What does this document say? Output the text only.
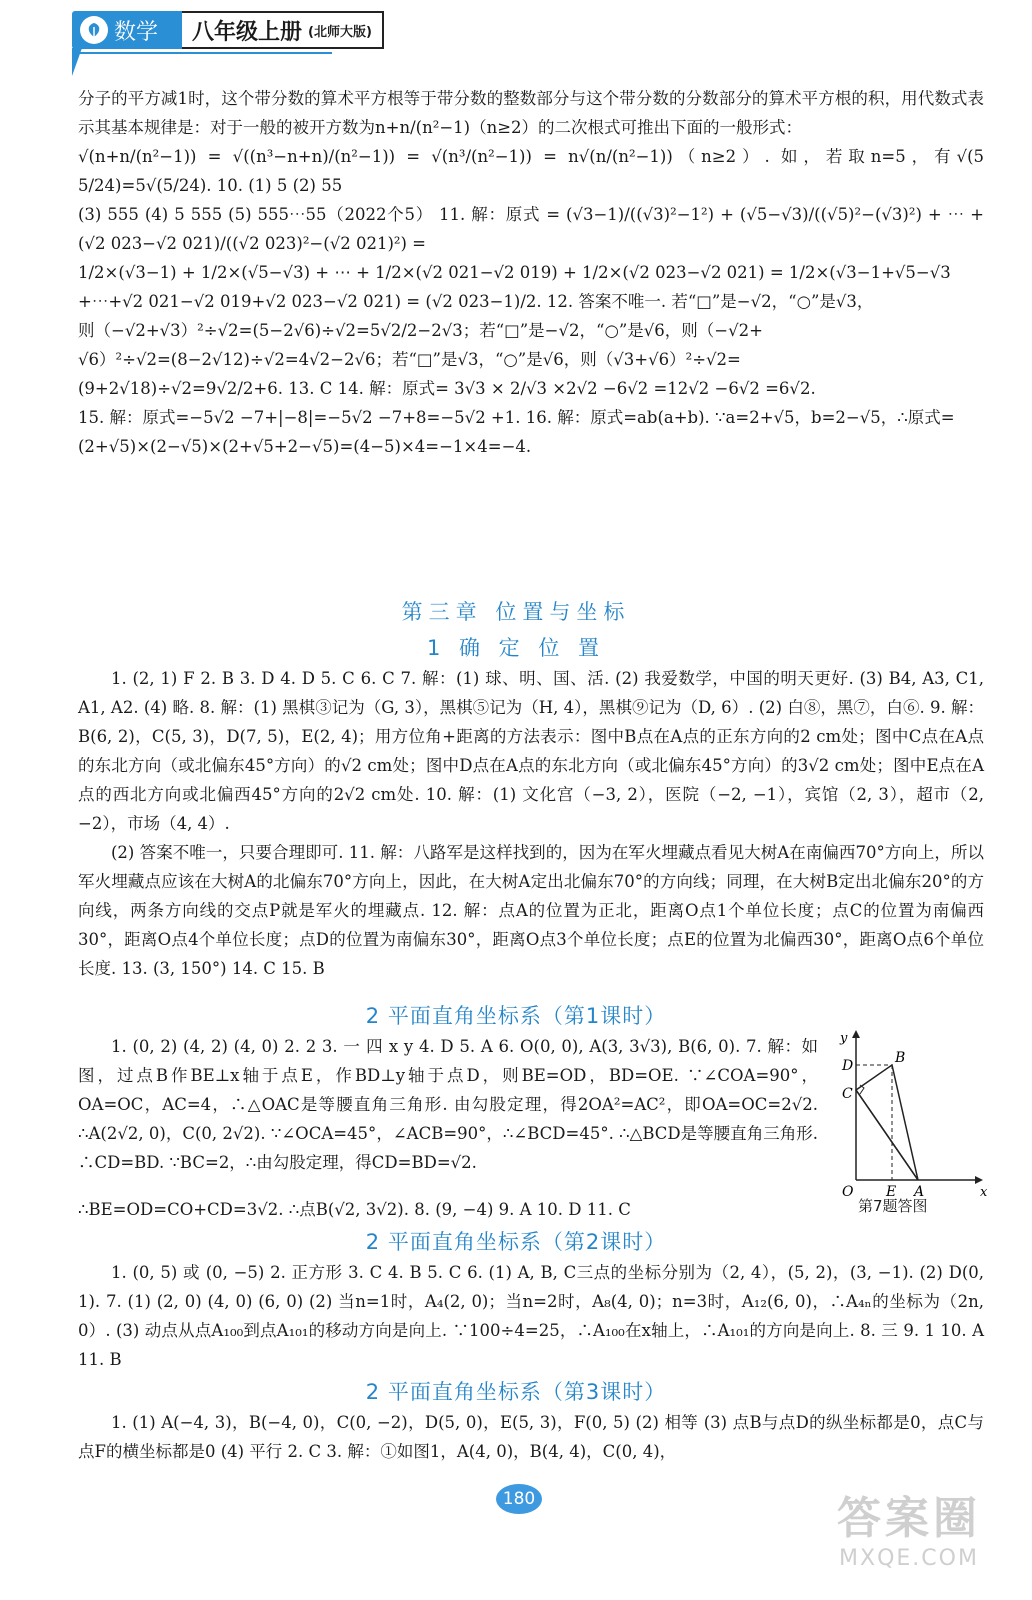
数学 八年级上册 (北师大版)

分子的平方减1时，这个带分数的算术平方根等于带分数的整数部分与这个带分数的分数部分的算术平方根的积，用代数式表示其基本规律是：对于一般的被开方数为n+n/(n²−1)（n≥2）的二次根式可推出下面的一般形式：

√(n+n/(n²−1)) = √((n³−n+n)/(n²−1)) = √(n³/(n²−1)) = n√(n/(n²−1))（n≥2）. 如，若取n=5，有√(5 5/24)=5√(5/24). 10. (1) 5 (2) 55

(3) 555 (4) 5 555 (5) 555⋯55（2022个5） 11. 解：原式 = (√3−1)/((√3)²−1²) + (√5−√3)/((√5)²−(√3)²) + ⋯ + (√2 023−√2 021)/((√2 023)²−(√2 021)²) =

1/2×(√3−1) + 1/2×(√5−√3) + ⋯ + 1/2×(√2 021−√2 019) + 1/2×(√2 023−√2 021) = 1/2×(√3−1+√5−√3

+⋯+√2 021−√2 019+√2 023−√2 021) = (√2 023−1)/2. 12. 答案不唯一. 若“□”是−√2，“○”是√3，

则（−√2+√3）²÷√2=(5−2√6)÷√2=5√2/2−2√3；若“□”是−√2，“○”是√6，则（−√2+

√6）²÷√2=(8−2√12)÷√2=4√2−2√6；若“□”是√3，“○”是√6，则（√3+√6）²÷√2=

(9+2√18)÷√2=9√2/2+6. 13. C 14. 解：原式= 3√3 × 2/√3 ×2√2 −6√2 =12√2 −6√2 =6√2.

15. 解：原式=−5√2 −7+|−8|=−5√2 −7+8=−5√2 +1. 16. 解：原式=ab(a+b). ∵a=2+√5，b=2−√5，∴原式=

(2+√5)×(2−√5)×(2+√5+2−√5)=(4−5)×4=−1×4=−4.

第三章 位置与坐标
1 确 定 位 置

1. (2, 1) F 2. B 3. D 4. D 5. C 6. C 7. 解：(1) 球、明、国、活. (2) 我爱数学，中国的明天更好. (3) B4, A3, C1, A1, A2. (4) 略. 8. 解：(1) 黑棋③记为（G, 3），黑棋⑤记为（H, 4），黑棋⑨记为（D, 6）. (2) 白⑧，黑⑦，白⑥. 9. 解：B(6, 2)，C(5, 3)，D(7, 5)，E(2, 4)；用方位角+距离的方法表示：图中B点在A点的正东方向的2 cm处；图中C点在A点的东北方向（或北偏东45°方向）的√2 cm处；图中D点在A点的东北方向（或北偏东45°方向）的3√2 cm处；图中E点在A点的西北方向或北偏西45°方向的2√2 cm处. 10. 解：(1) 文化宫（−3, 2），医院（−2, −1），宾馆（2, 3），超市（2, −2），市场（4, 4）.

(2) 答案不唯一，只要合理即可. 11. 解：八路军是这样找到的，因为在军火埋藏点看见大树A在南偏西70°方向上，所以军火埋藏点应该在大树A的北偏东70°方向上，因此，在大树A定出北偏东70°的方向线；同理，在大树B定出北偏东20°的方向线，两条方向线的交点P就是军火的埋藏点. 12. 解：点A的位置为正北，距离O点1个单位长度；点C的位置为南偏西30°，距离O点4个单位长度；点D的位置为南偏东30°，距离O点3个单位长度；点E的位置为北偏西30°，距离O点6个单位长度. 13. (3, 150°) 14. C 15. B

2 平面直角坐标系（第1课时）

1. (0, 2) (4, 2) (4, 0) 2. 2 3. 一 四 x y 4. D 5. A 6. O(0, 0), A(3, 3√3), B(6, 0). 7. 解：如图，过点B作BE⊥x轴于点E，作BD⊥y轴于点D，则BE=OD，BD=OE. ∵∠COA=90°，OA=OC，AC=4，∴△OAC是等腰直角三角形. 由勾股定理，得2OA²=AC²，即OA=OC=2√2. ∴A(2√2, 0)，C(0, 2√2). ∵∠OCA=45°，∠ACB=90°，∴∠BCD=45°. ∴△BCD是等腰直角三角形. ∴CD=BD. ∵BC=2，∴由勾股定理，得CD=BD=√2.

∴BE=OD=CO+CD=3√2. ∴点B(√2, 3√2). 8. (9, −4) 9. A 10. D 11. C

y
x
D	B
C
O E A
第7题答图
2 平面直角坐标系（第2课时）

1. (0, 5) 或 (0, −5) 2. 正方形 3. C 4. B 5. C 6. (1) A, B, C三点的坐标分别为（2, 4），(5, 2)，(3, −1). (2) D(0, 1). 7. (1) (2, 0) (4, 0) (6, 0) (2) 当n=1时，A₄(2, 0)；当n=2时，A₈(4, 0)；n=3时，A₁₂(6, 0)，∴A₄ₙ的坐标为（2n, 0）. (3) 动点从点A₁₀₀到点A₁₀₁的移动方向是向上. ∵100÷4=25，∴A₁₀₀在x轴上，∴A₁₀₁的方向是向上. 8. 三 9. 1 10. A 11. B

2 平面直角坐标系（第3课时）

1. (1) A(−4, 3)，B(−4, 0)，C(0, −2)，D(5, 0)，E(5, 3)，F(0, 5) (2) 相等 (3) 点B与点D的纵坐标都是0，点C与点F的横坐标都是0 (4) 平行 2. C 3. 解：①如图1，A(4, 0)，B(4, 4)，C(0, 4)，

180	答案圈
MXQE.COM
